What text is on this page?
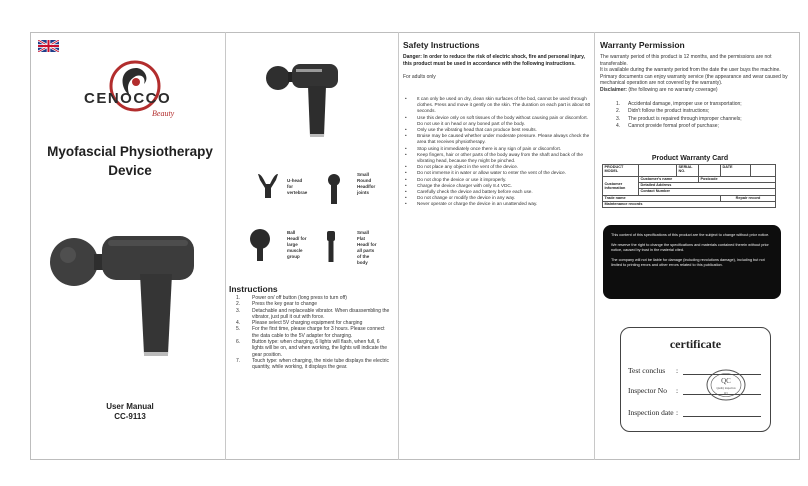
CENOCCO
Beauty
Myofascial Physiotherapy
Device
User Manual
CC-9113
U-head
for
vertebrae
Small
Round
Head/for
joints
Ball
Head/ for
large
muscle
group
Small
Flat
Head/ for
all parts
of the
body
Instructions
1.	Power on/ off button (long press to turn off)
2.	Press the key gear to change
3.	Detachable and replaceable vibrator. When disassembling the vibrator, just pull it out with force.
4.	Please select 5V charging equipment for charging
5.	For the first time, please charge for 3 hours. Please connect the data cable to the 5V adapter for charging.
6.	Button type: when charging, 6 lights will flash, when full, 6 lights will be on, and when working, the lights will indicate the gear position.
7.	Touch type: when charging, the nixie tube displays the electric quantity, while working, it displays the gear.
Safety Instructions
Danger: In order to reduce the risk of electric shock, fire and personal injury, this product must be used in accordance with the following instructions.
For adults only
•	It can only be used on dry, clean skin surfaces of the bod, cannot be used through clothes. Press and move it gently on the skin. The duration on each part is about 60 seconds.
•	Use this device only on soft tissues of the body without causing pain or discomfort. Do not use it on head or any boned part of the body.
•	Only use the vibrating head that can produce best results.
•	Bruise may be caused whether under moderate pressure. Please always check the area that receives physiotherapy.
•	Stop using it immediately once there is any sign of pain or discomfort.
•	Keep fingers, hair or other parts of the body away from the shaft and back of the vibrating head, because they might be pinched.
•	Do not place any object in the vent of the device.
•	Do not immerse it in water or allow water to enter the vent of the device.
•	Do not drop the device or use it improperly.
•	Charge the device charger with only 8.4 VDC.
•	Carefully check the device and battery before each use.
•	Do not change or modify the device in any way.
•	Never operate or charge the device in an unattended way.
Warranty Permission
The warranty period of this product is 12 months, and the permissions are not transferable.
It is available during the warranty period from the date the user buys the machine. Primary documents can enjoy warranty service (the appearance and wear caused by mechanical operation are not covered by the warranty).
Disclaimer: (the following are no warranty coverage)
1.	Accidental damage, improper use or transportation;
2.	Didn't follow the product instructions;
3.	The product is repaired through improper channels;
4.	Cannot provide formal proof of purchase;
Product Warranty Card
PRODUCT MODEL		SERIAL NO.		DATE	
Customer information	Customer's name		Postcode		
	Detailed Address				
	Contact Number				
Trade name				Repair record	
Maintenance records					

This content of this specifications of this product are the subject to change without prior notice.

We reserve the right to change the specifications and materials contained therein without prior notice, caused by trust in the material cited.

The company will not be liable for damage (including revolutions damage), including but not limited to printing errors and other errors related to this publication.

certificate
Test conclus :
Inspector No :
Inspection date :
QC
Quality inspection
01
